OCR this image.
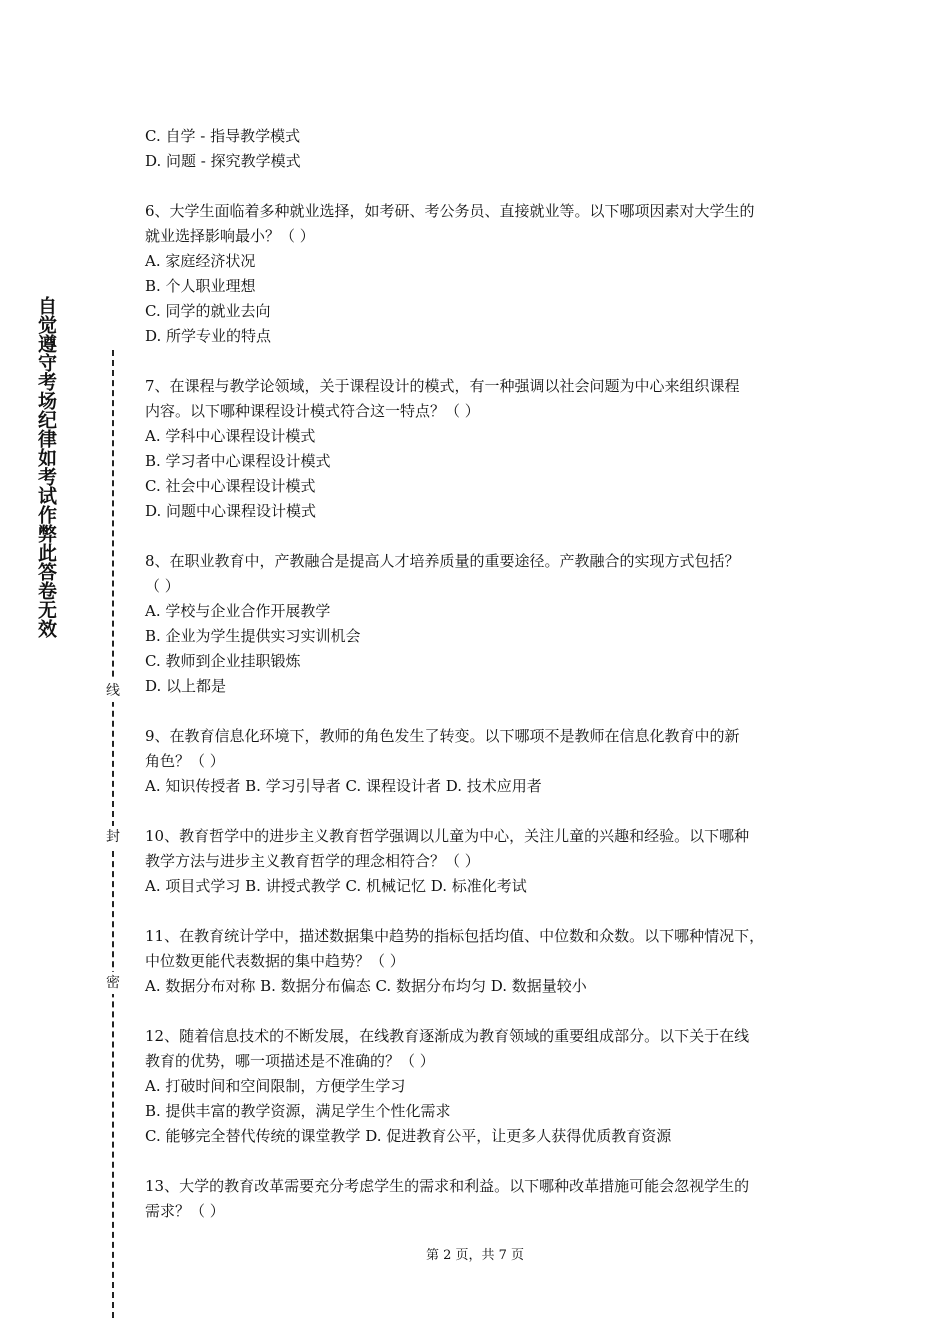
自觉遵守考场纪律如考试作弊此答卷无效
线
封
密
C. 自学 - 指导教学模式
D. 问题 - 探究教学模式
6、大学生面临着多种就业选择，如考研、考公务员、直接就业等。以下哪项因素对大学生的
就业选择影响最小？（ ）
A. 家庭经济状况
B. 个人职业理想
C. 同学的就业去向
D. 所学专业的特点
7、在课程与教学论领域，关于课程设计的模式，有一种强调以社会问题为中心来组织课程
内容。以下哪种课程设计模式符合这一特点？（ ）
A. 学科中心课程设计模式
B. 学习者中心课程设计模式
C. 社会中心课程设计模式
D. 问题中心课程设计模式
8、在职业教育中，产教融合是提高人才培养质量的重要途径。产教融合的实现方式包括？
（ ）
A. 学校与企业合作开展教学
B. 企业为学生提供实习实训机会
C. 教师到企业挂职锻炼
D. 以上都是
9、在教育信息化环境下，教师的角色发生了转变。以下哪项不是教师在信息化教育中的新
角色？（ ）
A. 知识传授者 B. 学习引导者 C. 课程设计者 D. 技术应用者
10、教育哲学中的进步主义教育哲学强调以儿童为中心，关注儿童的兴趣和经验。以下哪种
教学方法与进步主义教育哲学的理念相符合？（ ）
A. 项目式学习 B. 讲授式教学 C. 机械记忆 D. 标准化考试
11、在教育统计学中，描述数据集中趋势的指标包括均值、中位数和众数。以下哪种情况下，
中位数更能代表数据的集中趋势？（ ）
A. 数据分布对称 B. 数据分布偏态 C. 数据分布均匀 D. 数据量较小
12、随着信息技术的不断发展，在线教育逐渐成为教育领域的重要组成部分。以下关于在线
教育的优势，哪一项描述是不准确的？（ ）
A. 打破时间和空间限制，方便学生学习
B. 提供丰富的教学资源，满足学生个性化需求
C. 能够完全替代传统的课堂教学 D. 促进教育公平，让更多人获得优质教育资源
13、大学的教育改革需要充分考虑学生的需求和利益。以下哪种改革措施可能会忽视学生的
需求？（ ）
第 2 页，共 7 页
